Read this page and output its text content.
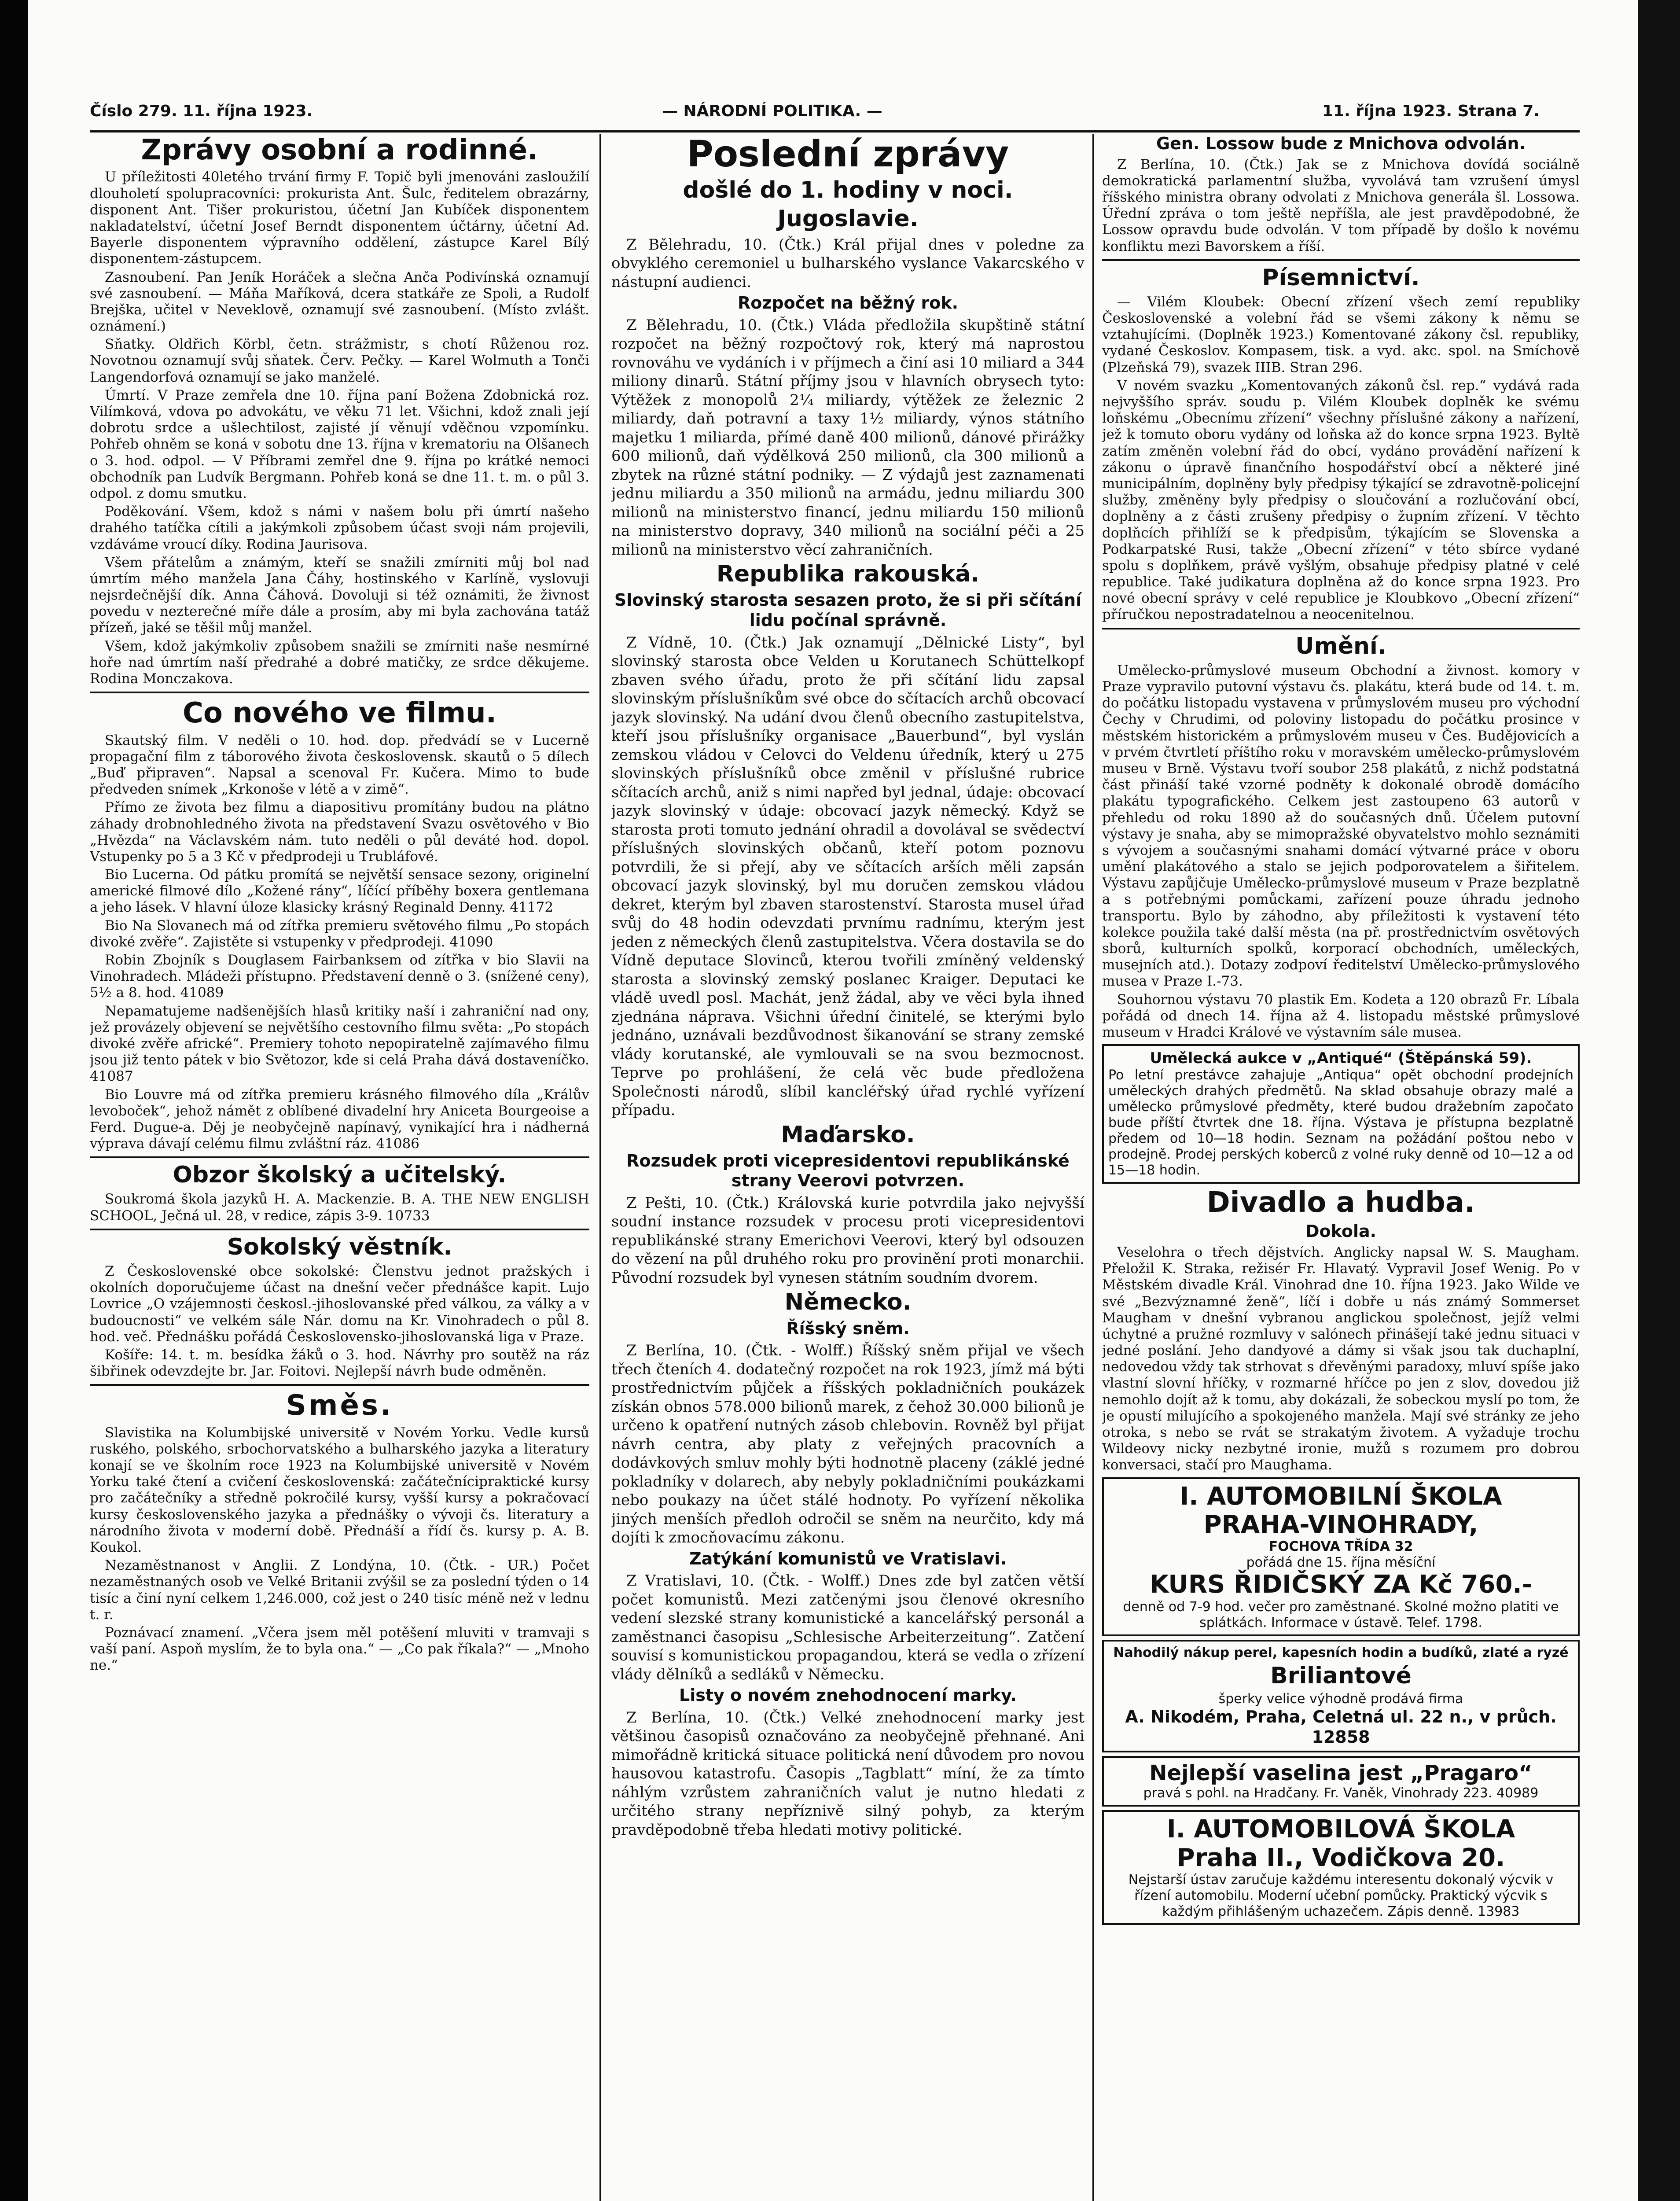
Číslo 279. 11. října 1923.	— NÁRODNÍ POLITIKA. —	11. října 1923. Strana 7.
Zprávy osobní a rodinné.

U příležitosti 40letého trvání firmy F. Topič byli jmenováni zasloužilí dlouholetí spolupracovníci: prokurista Ant. Šulc, ředitelem obrazárny, disponent Ant. Tišer prokuristou, účetní Jan Kubíček disponentem nakladatelství, účetní Josef Berndt disponentem účtárny, účetní Ad. Bayerle disponentem výpravního oddělení, zástupce Karel Bílý disponentem-zástupcem.

Zasnoubení. Pan Jeník Horáček a slečna Anča Podivínská oznamují své zasnoubení. — Máňa Maříková, dcera statkáře ze Spoli, a Rudolf Brejška, učitel v Neveklově, oznamují své zasnoubení. (Místo zvlášt. oznámení.)

Sňatky. Oldřich Körbl, četn. strážmistr, s chotí Růženou roz. Novotnou oznamují svůj sňatek. Červ. Pečky. — Karel Wolmuth a Tonči Langendorfová oznamují se jako manželé.

Úmrtí. V Praze zemřela dne 10. října paní Božena Zdobnická roz. Vilímková, vdova po advokátu, ve věku 71 let. Všichni, kdož znali její dobrotu srdce a ušlechtilost, zajisté jí věnují vděčnou vzpomínku. Pohřeb ohněm se koná v sobotu dne 13. října v krematoriu na Olšanech o 3. hod. odpol. — V Příbrami zemřel dne 9. října po krátké nemoci obchodník pan Ludvík Bergmann. Pohřeb koná se dne 11. t. m. o půl 3. odpol. z domu smutku.

Poděkování. Všem, kdož s námi v našem bolu při úmrtí našeho drahého tatíčka cítili a jakýmkoli způsobem účast svoji nám projevili, vzdáváme vroucí díky. Rodina Jaurisova.

Všem přátelům a známým, kteří se snažili zmírniti můj bol nad úmrtím mého manžela Jana Čáhy, hostinského v Karlíně, vyslovuji nejsrdečnější dík. Anna Čáhová. Dovoluji si též oznámiti, že živnost povedu v nezterečné míře dále a prosím, aby mi byla zachována tatáž přízeň, jaké se těšil můj manžel.

Všem, kdož jakýmkoliv způsobem snažili se zmírniti naše nesmírné hoře nad úmrtím naší předrahé a dobré matičky, ze srdce děkujeme. Rodina Monczakova.

Co nového ve filmu.

Skautský film. V neděli o 10. hod. dop. předvádí se v Lucerně propagační film z táborového života československ. skautů o 5 dílech „Buď připraven“. Napsal a scenoval Fr. Kučera. Mimo to bude předveden snímek „Krkonoše v létě a v zimě“.

Přímo ze života bez filmu a diapositivu promítány budou na plátno záhady drobnohledného života na představení Svazu osvětového v Bio „Hvězda“ na Václavském nám. tuto neděli o půl deváté hod. dopol. Vstupenky po 5 a 3 Kč v předprodeji u Trubláfové.

Bio Lucerna. Od pátku promítá se největší sensace sezony, originelní americké filmové dílo „Kožené rány“, líčící příběhy boxera gentlemana a jeho lásek. V hlavní úloze klasicky krásný Reginald Denny. 41172

Bio Na Slovanech má od zítřka premieru světového filmu „Po stopách divoké zvěře“. Zajistěte si vstupenky v předprodeji. 41090

Robin Zbojník s Douglasem Fairbanksem od zítřka v bio Slavii na Vinohradech. Mládeži přístupno. Představení denně o 3. (snížené ceny), 5½ a 8. hod. 41089

Nepamatujeme nadšenějších hlasů kritiky naší i zahraniční nad ony, jež provázely objevení se největšího cestovního filmu světa: „Po stopách divoké zvěře africké“. Premiery tohoto nepopiratelně zajímavého filmu jsou již tento pátek v bio Světozor, kde si celá Praha dává dostaveníčko. 41087

Bio Louvre má od zítřka premieru krásného filmového díla „Králův levoboček“, jehož námět z oblíbené divadelní hry Aniceta Bourgeoise a Ferd. Dugue-a. Děj je neobyčejně napínavý, vynikající hra i nádherná výprava dávají celému filmu zvláštní ráz. 41086

Obzor školský a učitelský.

Soukromá škola jazyků H. A. Mackenzie. B. A. THE NEW ENGLISH SCHOOL, Ječná ul. 28, v redice, zápis 3-9. 10733

Sokolský věstník.

Z Československé obce sokolské: Členstvu jednot pražských i okolních doporučujeme účast na dnešní večer přednášce kapit. Lujo Lovrice „O vzájemnosti českosl.-jihoslovanské před válkou, za války a v budoucnosti“ ve velkém sále Nár. domu na Kr. Vinohradech o půl 8. hod. več. Přednášku pořádá Československo-jihoslovanská liga v Praze.

Košíře: 14. t. m. besídka žáků o 3. hod. Návrhy pro soutěž na ráz šibřinek odevzdejte br. Jar. Foitovi. Nejlepší návrh bude odměněn.

Směs.

Slavistika na Kolumbijské universitě v Novém Yorku. Vedle kursů ruského, polského, srbochorvatského a bulharského jazyka a literatury konají se ve školním roce 1923 na Kolumbijské universitě v Novém Yorku také čtení a cvičení československá: začátečnícipraktické kursy pro začátečníky a středně pokročilé kursy, vyšší kursy a pokračovací kursy československého jazyka a přednášky o vývoji čs. literatury a národního života v moderní době. Přednáší a řídí čs. kursy p. A. B. Koukol.

Nezaměstnanost v Anglii. Z Londýna, 10. (Čtk. - UR.) Počet nezaměstnaných osob ve Velké Britanii zvýšil se za poslední týden o 14 tisíc a činí nyní celkem 1,246.000, což jest o 240 tisíc méně než v lednu t. r.

Poznávací znamení. „Včera jsem měl potěšení mluviti v tramvaji s vaší paní. Aspoň myslím, že to byla ona.“ — „Co pak říkala?“ — „Mnoho ne.“

Poslední zprávy
došlé do 1. hodiny v noci.
Jugoslavie.

Z Bělehradu, 10. (Čtk.) Král přijal dnes v poledne za obvyklého ceremoniel u bulharského vyslance Vakarcského v nástupní audienci.

Rozpočet na běžný rok.

Z Bělehradu, 10. (Čtk.) Vláda předložila skupštině státní rozpočet na běžný rozpočtový rok, který má naprostou rovnováhu ve vydáních i v příjmech a činí asi 10 miliard a 344 miliony dinarů. Státní příjmy jsou v hlavních obrysech tyto: Výtěžek z monopolů 2¼ miliardy, výtěžek ze železnic 2 miliardy, daň potravní a taxy 1½ miliardy, výnos státního majetku 1 miliarda, přímé daně 400 milionů, dánové přirážky 600 milionů, daň výdělková 250 milionů, cla 300 milionů a zbytek na různé státní podniky. — Z výdajů jest zaznamenati jednu miliardu a 350 milionů na armádu, jednu miliardu 300 milionů na ministerstvo financí, jednu miliardu 150 milionů na ministerstvo dopravy, 340 milionů na sociální péči a 25 milionů na ministerstvo věcí zahraničních.

Republika rakouská.
Slovinský starosta sesazen proto, že si při sčítání lidu počínal správně.

Z Vídně, 10. (Čtk.) Jak oznamují „Dělnické Listy“, byl slovinský starosta obce Velden u Korutanech Schüttelkopf zbaven svého úřadu, proto že při sčítání lidu zapsal slovinským příslušníkům své obce do sčítacích archů obcovací jazyk slovinský. Na udání dvou členů obecního zastupitelstva, kteří jsou příslušníky organisace „Bauerbund“, byl vyslán zemskou vládou v Celovci do Veldenu úředník, který u 275 slovinských příslušníků obce změnil v příslušné rubrice sčítacích archů, aniž s nimi napřed byl jednal, údaje: obcovací jazyk slovinský v údaje: obcovací jazyk německý. Když se starosta proti tomuto jednání ohradil a dovolával se svědectví příslušných slovinských občanů, kteří potom poznovu potvrdili, že si přejí, aby ve sčítacích arších měli zapsán obcovací jazyk slovinský, byl mu doručen zemskou vládou dekret, kterým byl zbaven starostenství. Starosta musel úřad svůj do 48 hodin odevzdati prvnímu radnímu, kterým jest jeden z německých členů zastupitelstva. Včera dostavila se do Vídně deputace Slovinců, kterou tvořili zmíněný veldenský starosta a slovinský zemský poslanec Kraiger. Deputaci ke vládě uvedl posl. Machát, jenž žádal, aby ve věci byla ihned zjednána náprava. Všichni úřední činitelé, se kterými bylo jednáno, uznávali bezdůvodnost šikanování se strany zemské vlády korutanské, ale vymlouvali se na svou bezmocnost. Teprve po prohlášení, že celá věc bude předložena Společnosti národů, slíbil kancléřský úřad rychlé vyřízení případu.

Maďarsko.
Rozsudek proti vicepresidentovi republikánské strany Veerovi potvrzen.

Z Pešti, 10. (Čtk.) Královská kurie potvrdila jako nejvyšší soudní instance rozsudek v procesu proti vicepresidentovi republikánské strany Emerichovi Veerovi, který byl odsouzen do vězení na půl druhého roku pro provinění proti monarchii. Původní rozsudek byl vynesen státním soudním dvorem.

Německo.
Říšský sněm.

Z Berlína, 10. (Čtk. - Wolff.) Říšský sněm přijal ve všech třech čteních 4. dodatečný rozpočet na rok 1923, jímž má býti prostřednictvím půjček a říšských pokladničních poukázek získán obnos 578.000 bilionů marek, z čehož 30.000 bilionů je určeno k opatření nutných zásob chlebovin. Rovněž byl přijat návrh centra, aby platy z veřejných pracovních a dodávkových smluv mohly býti hodnotně placeny (záklé jedné pokladníky v dolarech, aby nebyly pokladničními poukázkami nebo poukazy na účet stálé hodnoty. Po vyřízení několika jiných menších předloh odročil se sněm na neurčito, kdy má dojíti k zmocňovacímu zákonu.

Zatýkání komunistů ve Vratislavi.

Z Vratislavi, 10. (Čtk. - Wolff.) Dnes zde byl zatčen větší počet komunistů. Mezi zatčenými jsou členové okresního vedení slezské strany komunistické a kancelářský personál a zaměstnanci časopisu „Schlesische Arbeiterzeitung“. Zatčení souvisí s komunistickou propagandou, která se vedla o zřízení vlády dělníků a sedláků v Německu.

Listy o novém znehodnocení marky.

Z Berlína, 10. (Čtk.) Velké znehodnocení marky jest většinou časopisů označováno za neobyčejně přehnané. Ani mimořádně kritická situace politická není důvodem pro novou hausovou katastrofu. Časopis „Tagblatt“ míní, že za tímto náhlým vzrůstem zahraničních valut je nutno hledati z určitého strany nepříznivě silný pohyb, za kterým pravděpodobně třeba hledati motivy politické.

Gen. Lossow bude z Mnichova odvolán.

Z Berlína, 10. (Čtk.) Jak se z Mnichova dovídá sociálně demokratická parlamentní služba, vyvolává tam vzrušení úmysl říšského ministra obrany odvolati z Mnichova generála šl. Lossowa. Úřední zpráva o tom ještě nepříšla, ale jest pravděpodobné, že Lossow opravdu bude odvolán. V tom případě by došlo k novému konfliktu mezi Bavorskem a říší.

Písemnictví.

— Vilém Kloubek: Obecní zřízení všech zemí republiky Československé a volební řád se všemi zákony k němu se vztahujícími. (Doplněk 1923.) Komentované zákony čsl. republiky, vydané Českoslov. Kompasem, tisk. a vyd. akc. spol. na Smíchově (Plzeňská 79), svazek IIIB. Stran 296.

V novém svazku „Komentovaných zákonů čsl. rep.“ vydává rada nejvyššího správ. soudu p. Vilém Kloubek doplněk ke svému loňskému „Obecnímu zřízení“ všechny příslušné zákony a nařízení, jež k tomuto oboru vydány od loňska až do konce srpna 1923. Byltě zatím změněn volební řád do obcí, vydáno provádění nařízení k zákonu o úpravě finančního hospodářství obcí a některé jiné municipálním, doplněny byly předpisy týkající se zdravotně-policejní služby, změněny byly předpisy o sloučování a rozlučování obcí, doplněny a z části zrušeny předpisy o župním zřízení. V těchto doplňcích přihlíží se k předpisům, týkajícím se Slovenska a Podkarpatské Rusi, takže „Obecní zřízení“ v této sbírce vydané spolu s doplňkem, právě vyšlým, obsahuje předpisy platné v celé republice. Také judikatura doplněna až do konce srpna 1923. Pro nové obecní správy v celé republice je Kloubkovo „Obecní zřízení“ příručkou nepostradatelnou a neocenitelnou.

Umění.

Umělecko-průmyslové museum Obchodní a živnost. komory v Praze vypravilo putovní výstavu čs. plakátu, která bude od 14. t. m. do počátku listopadu vystavena v průmyslovém museu pro východní Čechy v Chrudimi, od poloviny listopadu do počátku prosince v městském historickém a průmyslovém museu v Čes. Budějovicích a v prvém čtvrtletí příštího roku v moravském umělecko-průmyslovém museu v Brně. Výstavu tvoří soubor 258 plakátů, z nichž podstatná část přináší také vzorné podněty k dokonalé obrodě domácího plakátu typografického. Celkem jest zastoupeno 63 autorů v přehledu od roku 1890 až do současných dnů. Účelem putovní výstavy je snaha, aby se mimopražské obyvatelstvo mohlo seznámiti s vývojem a současnými snahami domácí výtvarné práce v oboru umění plakátového a stalo se jejich podporovatelem a šiřitelem. Výstavu zapůjčuje Umělecko-průmyslové museum v Praze bezplatně a s potřebnými pomůckami, zařízení pouze úhradu jednoho transportu. Bylo by záhodno, aby příležitosti k vystavení této kolekce použila také další města (na př. prostřednictvím osvětových sborů, kulturních spolků, korporací obchodních, uměleckých, musejních atd.). Dotazy zodpoví ředitelství Umělecko-průmyslového musea v Praze I.-73.

Souhornou výstavu 70 plastik Em. Kodeta a 120 obrazů Fr. Líbala pořádá od dnech 14. října až 4. listopadu městské průmyslové museum v Hradci Králové ve výstavním sále musea.

Umělecká aukce v „Antiqué“ (Štěpánská 59).
Po letní prestávce zahajuje „Antiqua“ opět obchodní prodejních uměleckých drahých předmětů. Na sklad obsahuje obrazy malé a umělecko průmyslové předměty, které budou dražebním započato bude příští čtvrtek dne 18. října. Výstava je přístupna bezplatně předem od 10—18 hodin. Seznam na požádání poštou nebo v prodejně. Prodej perských koberců z volné ruky denně od 10—12 a od 15—18 hodin.
Divadlo a hudba.
Dokola.

Veselohra o třech dějstvích. Anglicky napsal W. S. Maugham. Přeložil K. Straka, režisér Fr. Hlavatý. Vypravil Josef Wenig. Po v Městském divadle Král. Vinohrad dne 10. října 1923. Jako Wilde ve své „Bezvýznamné ženě“, líčí i dobře u nás známý Sommerset Maugham v dnešní vybranou anglickou společnost, jejíž velmi úchytné a pružné rozmluvy v salónech přinášejí také jednu situaci v jedné poslání. Jeho dandyové a dámy si však jsou tak duchaplní, nedovedou vždy tak strhovat s dřevěnými paradoxy, mluví spíše jako vlastní slovní hříčky, v rozmarné hříčce po jen z slov, dovedou již nemohlo dojít až k tomu, aby dokázali, že sobeckou myslí po tom, že je opustí milujícího a spokojeného manžela. Mají své stránky ze jeho otroka, s nebo se rvát se strakatým životem. A vyžaduje trochu Wildeovy nicky nezbytné ironie, mužů s rozumem pro dobrou konversaci, stačí pro Maughama.

I. AUTOMOBILNÍ ŠKOLA
PRAHA-VINOHRADY,
FOCHOVA TŘÍDA 32
pořádá dne 15. října měsíční
KURS ŘIDIČSKÝ ZA Kč 760.-
denně od 7-9 hod. večer pro zaměstnané. Skolné možno platiti ve splátkách. Informace v ústavě. Telef. 1798.
Nahodilý nákup perel, kapesních hodin a budíků, zlaté a ryzé
Briliantové
šperky velice výhodně prodává firma
A. Nikodém, Praha, Celetná ul. 22 n., v průch. 12858
Nejlepší vaselina jest „Pragaro“
pravá s pohl. na Hradčany. Fr. Vaněk, Vinohrady 223. 40989
I. AUTOMOBILOVÁ ŠKOLA
Praha II., Vodičkova 20.
Nejstarší ústav zaručuje každému interesentu dokonalý výcvik v řízení automobilu. Moderní učební pomůcky. Praktický výcvik s každým přihlášeným uchazečem. Zápis denně. 13983
